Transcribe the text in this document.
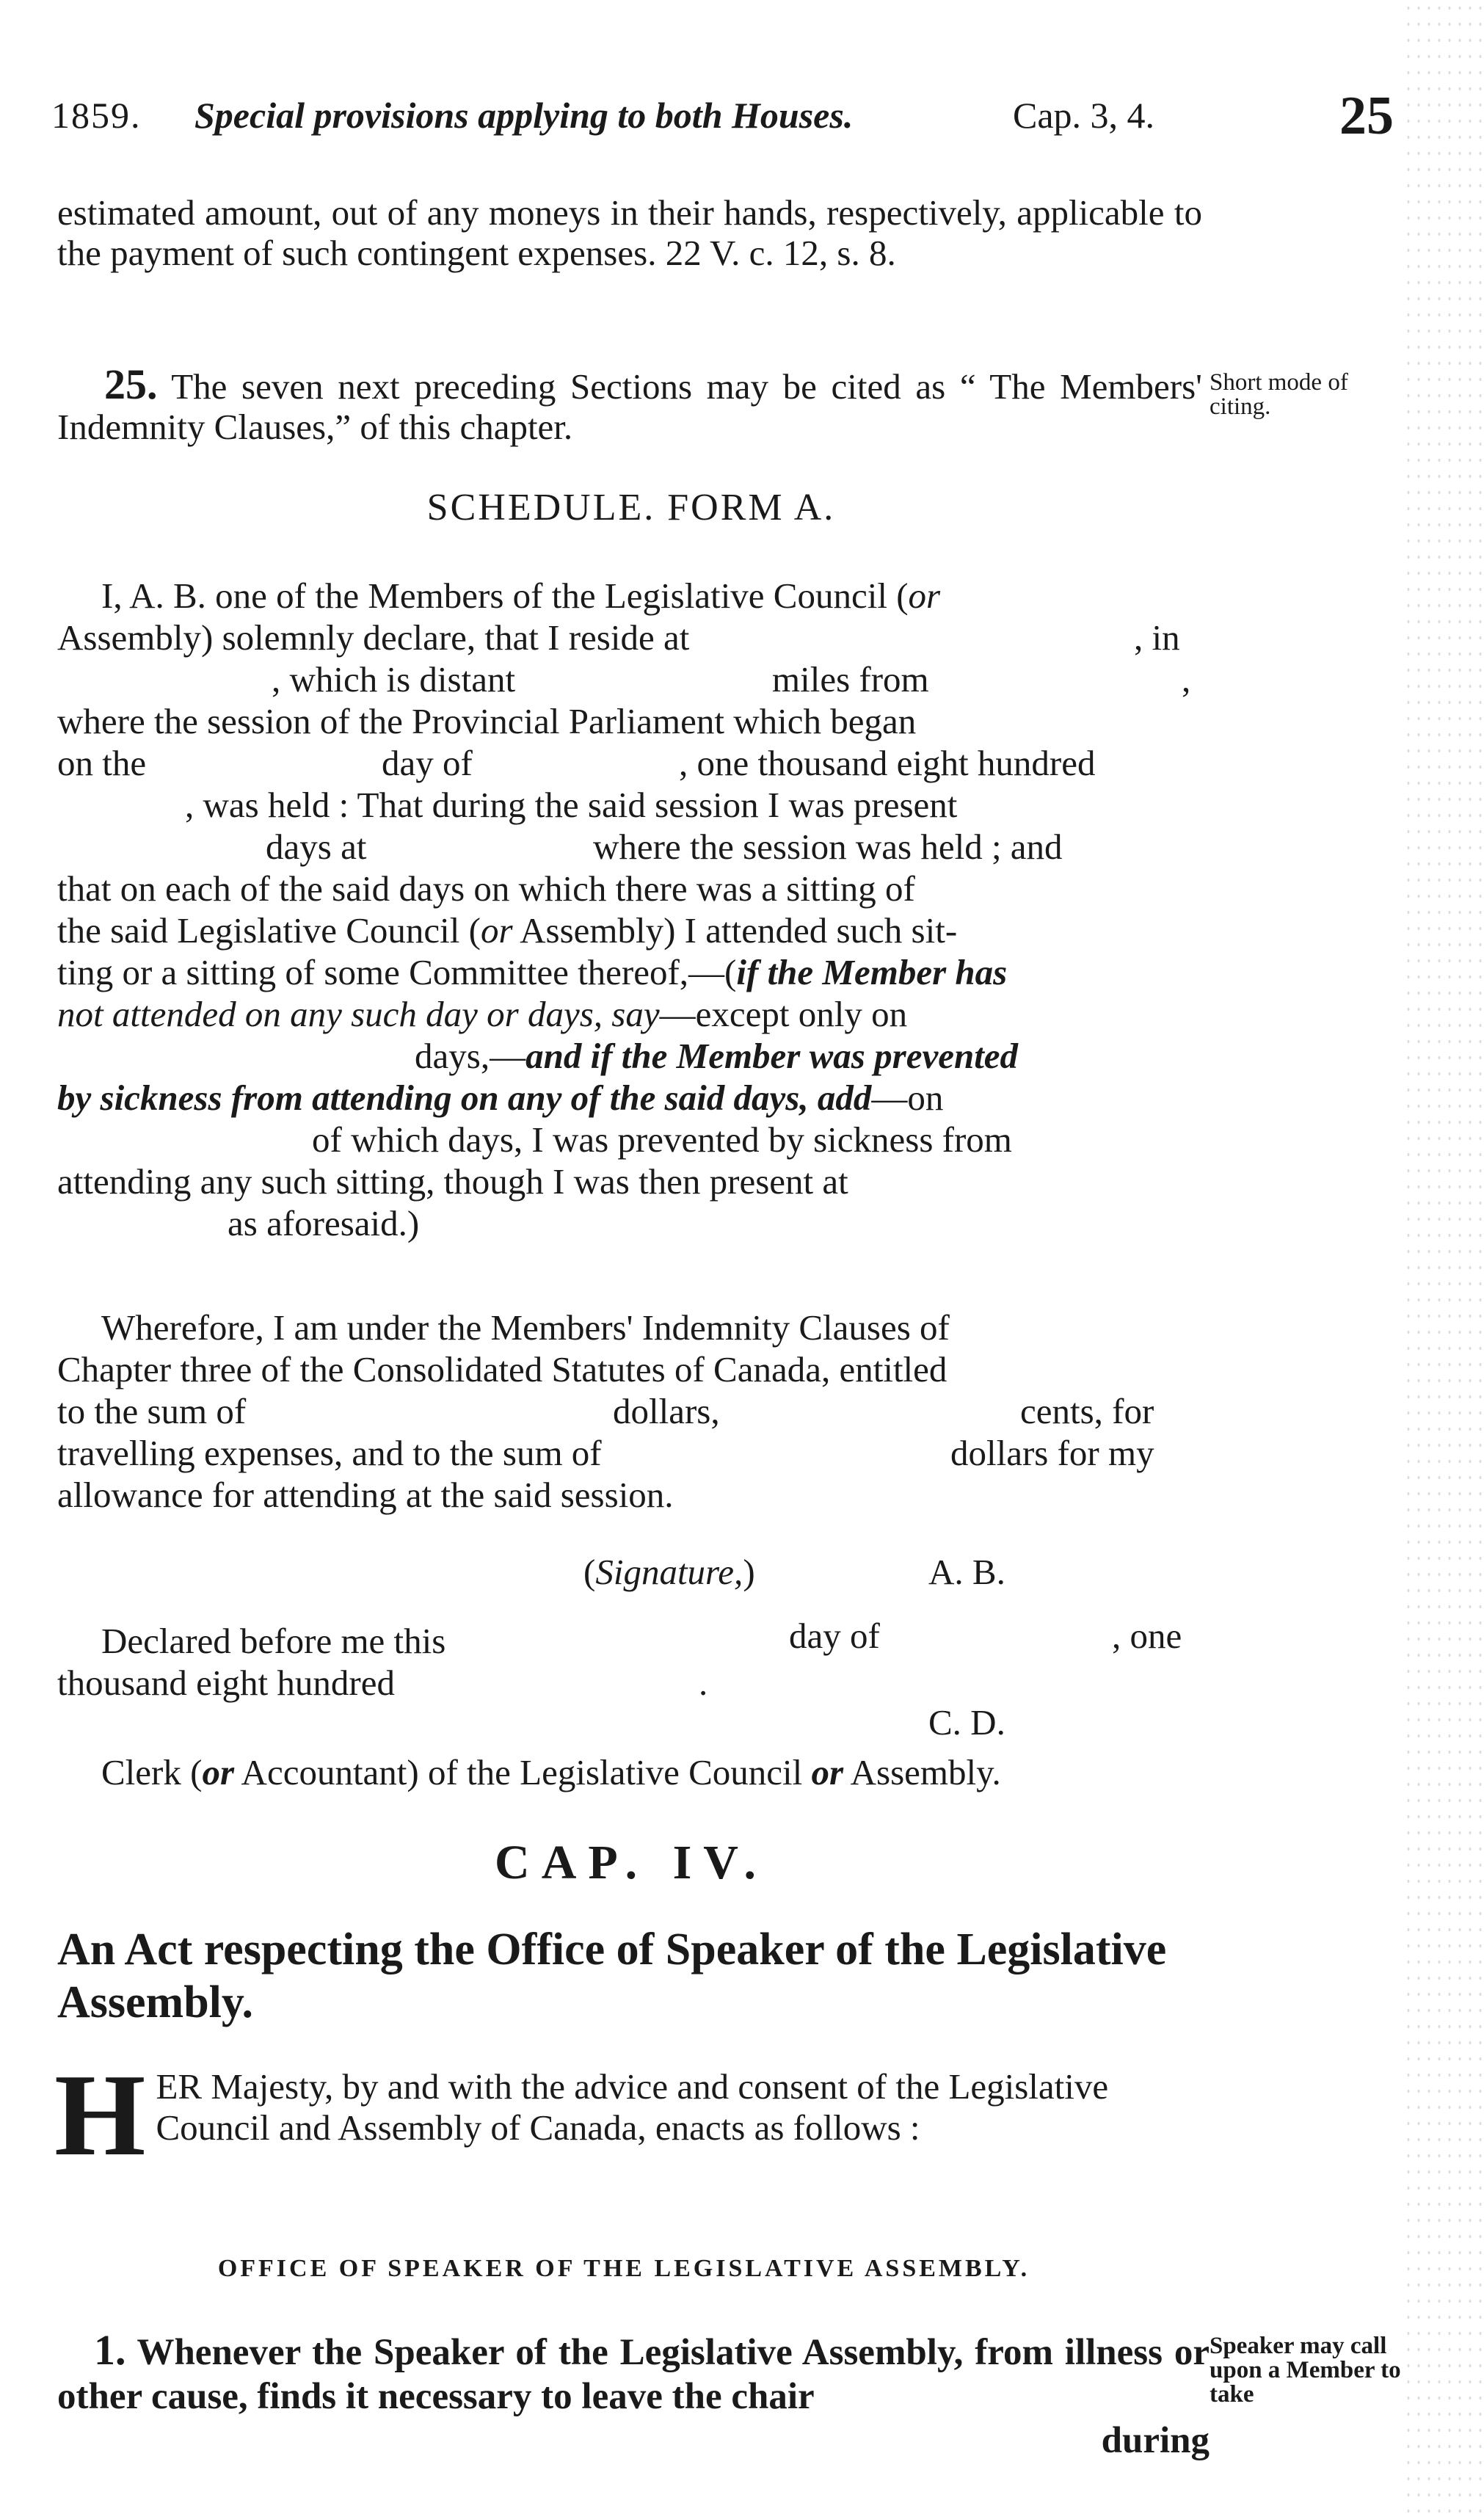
1859. Special provisions applying to both Houses.	Cap. 3, 4.	25

estimated amount, out of any moneys in their hands, respectively, applicable to the payment of such contingent expenses. 22 V. c. 12, s. 8.

25. The seven next preceding Sections may be cited as “ The Members' Indemnity Clauses,” of this chapter.

Short mode of citing.
SCHEDULE. FORM A.
I, A. B. one of the Members of the Legislative Council (or
Assembly) solemnly declare, that I reside at	, in
, which is distant	miles from	,
where the session of the Provincial Parliament which began
on the	day of	, one thousand eight hundred
, was held : That during the said session I was present
days at	where the session was held ; and
that on each of the said days on which there was a sitting of
the said Legislative Council (or Assembly) I attended such sit-
ting or a sitting of some Committee thereof,—(if the Member has
not attended on any such day or days, say—except only on
days,—and if the Member was prevented
by sickness from attending on any of the said days, add—on
of which days, I was prevented by sickness from
attending any such sitting, though I was then present at
as aforesaid.)
Wherefore, I am under the Members' Indemnity Clauses of
Chapter three of the Consolidated Statutes of Canada, entitled
to the sum of	dollars,	cents, for
travelling expenses, and to the sum of	dollars for my
allowance for attending at the said session.
(Signature,)	A. B.
Declared before me this	day of	, one
thousand eight hundred	.
C. D.
Clerk (or Accountant) of the Legislative Council or Assembly.
CAP. IV.
An Act respecting the Office of Speaker of the Legislative Assembly.
HER Majesty, by and with the advice and consent of the Legislative Council and Assembly of Canada, enacts as follows :
OFFICE OF SPEAKER OF THE LEGISLATIVE ASSEMBLY.

1. Whenever the Speaker of the Legislative Assembly, from illness or other cause, finds it necessary to leave the chair

during
Speaker may call upon a Member to take
